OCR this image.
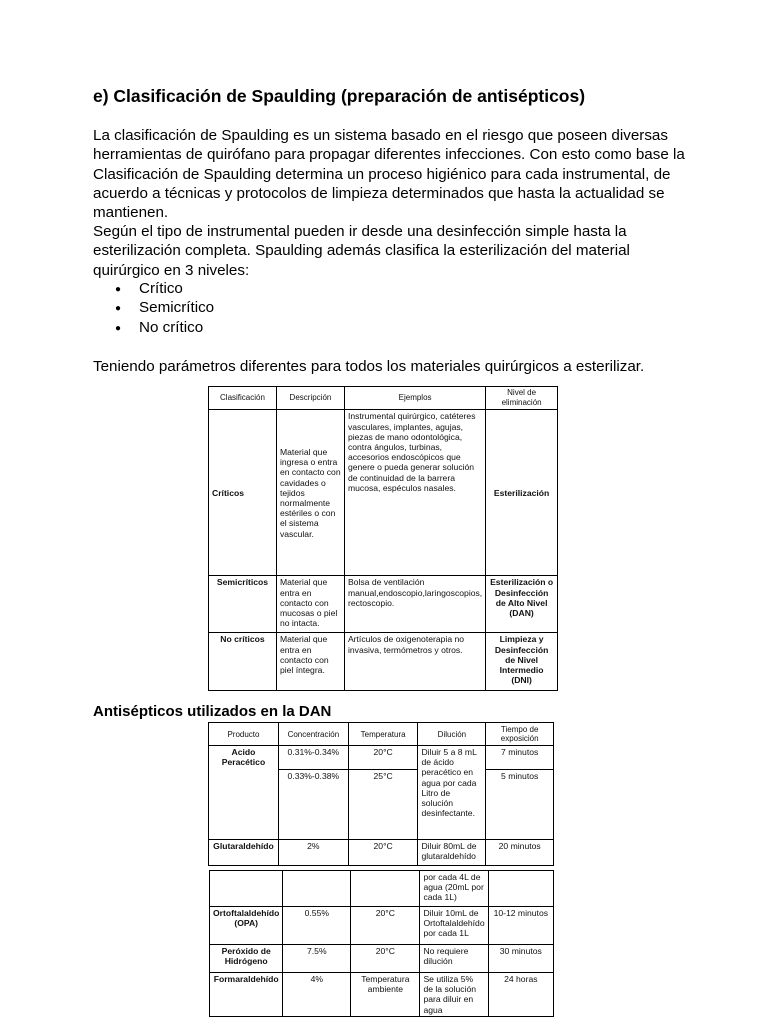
e) Clasificación de Spaulding (preparación de antisépticos)

La clasificación de Spaulding es un sistema basado en el riesgo que poseen diversas herramientas de quirófano para propagar diferentes infecciones. Con esto como base la Clasificación de Spaulding determina un proceso higiénico para cada instrumental, de acuerdo a técnicas y protocolos de limpieza determinados que hasta la actualidad se mantienen.

Según el tipo de instrumental pueden ir desde una desinfección simple hasta la esterilización completa. Spaulding además clasifica la esterilización del material quirúrgico en 3 niveles:

● Crítico
● Semicrítico
● No crítico

Teniendo parámetros diferentes para todos los materiales quirúrgicos a esterilizar.

Antisépticos utilizados en la DAN
Clasificación	Descripción	Ejemplos	Nivel de eliminación
Críticos	Material que ingresa o entra en contacto con cavidades o tejidos normalmente estériles o con el sistema vascular.	Instrumental quirúrgico, catéteres vasculares, implantes, agujas, piezas de mano odontológica, contra ángulos, turbinas, accesorios endoscópicos que genere o pueda generar solución de continuidad de la barrera mucosa, espéculos nasales.	Esterilización
Semicríticos	Material que entra en contacto con mucosas o piel no intacta.	Bolsa de ventilación manual,endoscopio,laringoscopios, rectoscopio.	Esterilización o Desinfección de Alto Nivel (DAN)
No críticos	Material que entra en contacto con piel íntegra.	Artículos de oxigenoterapia no invasiva, termómetros y otros.	Limpieza y Desinfección de Nivel Intermedio (DNI)
Producto	Concentración	Temperatura	Dilución	Tiempo de exposición
Acido Peracético	0.31%-0.34%	20°C	Diluir 5 a 8 mL de ácido peracético en agua por cada Litro de solución desinfectante.	7 minutos
	0.33%-0.38%	25°C		5 minutos
Glutaraldehído	2%	20°C	Diluir 80mL de glutaraldehído	20 minutos
			por cada 4L de agua (20mL por cada 1L)	
Ortoftalaldehído (OPA)	0.55%	20°C	Diluir 10mL de Ortoftalaldehído por cada 1L	10-12 minutos
Peróxido de Hidrógeno	7.5%	20°C	No requiere dilución	30 minutos
Formaraldehído	4%	Temperatura ambiente	Se utiliza 5% de la solución para diluir en agua	24 horas
